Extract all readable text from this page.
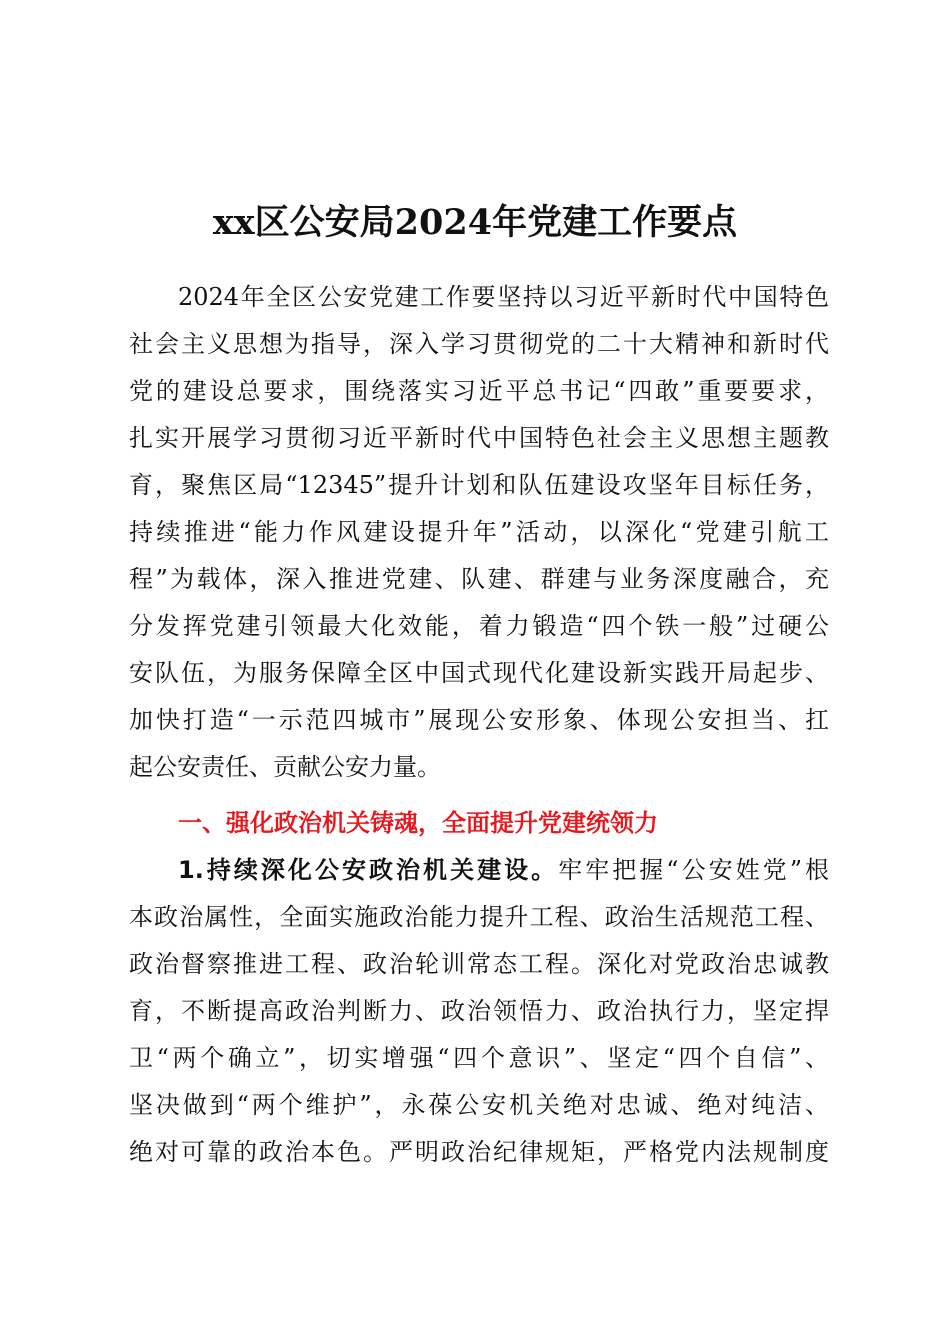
xx区公安局2024年党建工作要点
2024年全区公安党建工作要坚持以习近平新时代中国特色
社会主义思想为指导，深入学习贯彻党的二十大精神和新时代
党的建设总要求，围绕落实习近平总书记“四敢”重要要求，
扎实开展学习贯彻习近平新时代中国特色社会主义思想主题教
育，聚焦区局“12345”提升计划和队伍建设攻坚年目标任务，
持续推进“能力作风建设提升年”活动，以深化“党建引航工
程”为载体，深入推进党建、队建、群建与业务深度融合，充
分发挥党建引领最大化效能，着力锻造“四个铁一般”过硬公
安队伍，为服务保障全区中国式现代化建设新实践开局起步、
加快打造“一示范四城市”展现公安形象、体现公安担当、扛
起公安责任、贡献公安力量。
一、强化政治机关铸魂，全面提升党建统领力
1.持续深化公安政治机关建设。牢牢把握“公安姓党”根
本政治属性，全面实施政治能力提升工程、政治生活规范工程、
政治督察推进工程、政治轮训常态工程。深化对党政治忠诚教
育，不断提高政治判断力、政治领悟力、政治执行力，坚定捍
卫“两个确立”，切实增强“四个意识”、坚定“四个自信”、
坚决做到“两个维护”，永葆公安机关绝对忠诚、绝对纯洁、
绝对可靠的政治本色。严明政治纪律规矩，严格党内法规制度
